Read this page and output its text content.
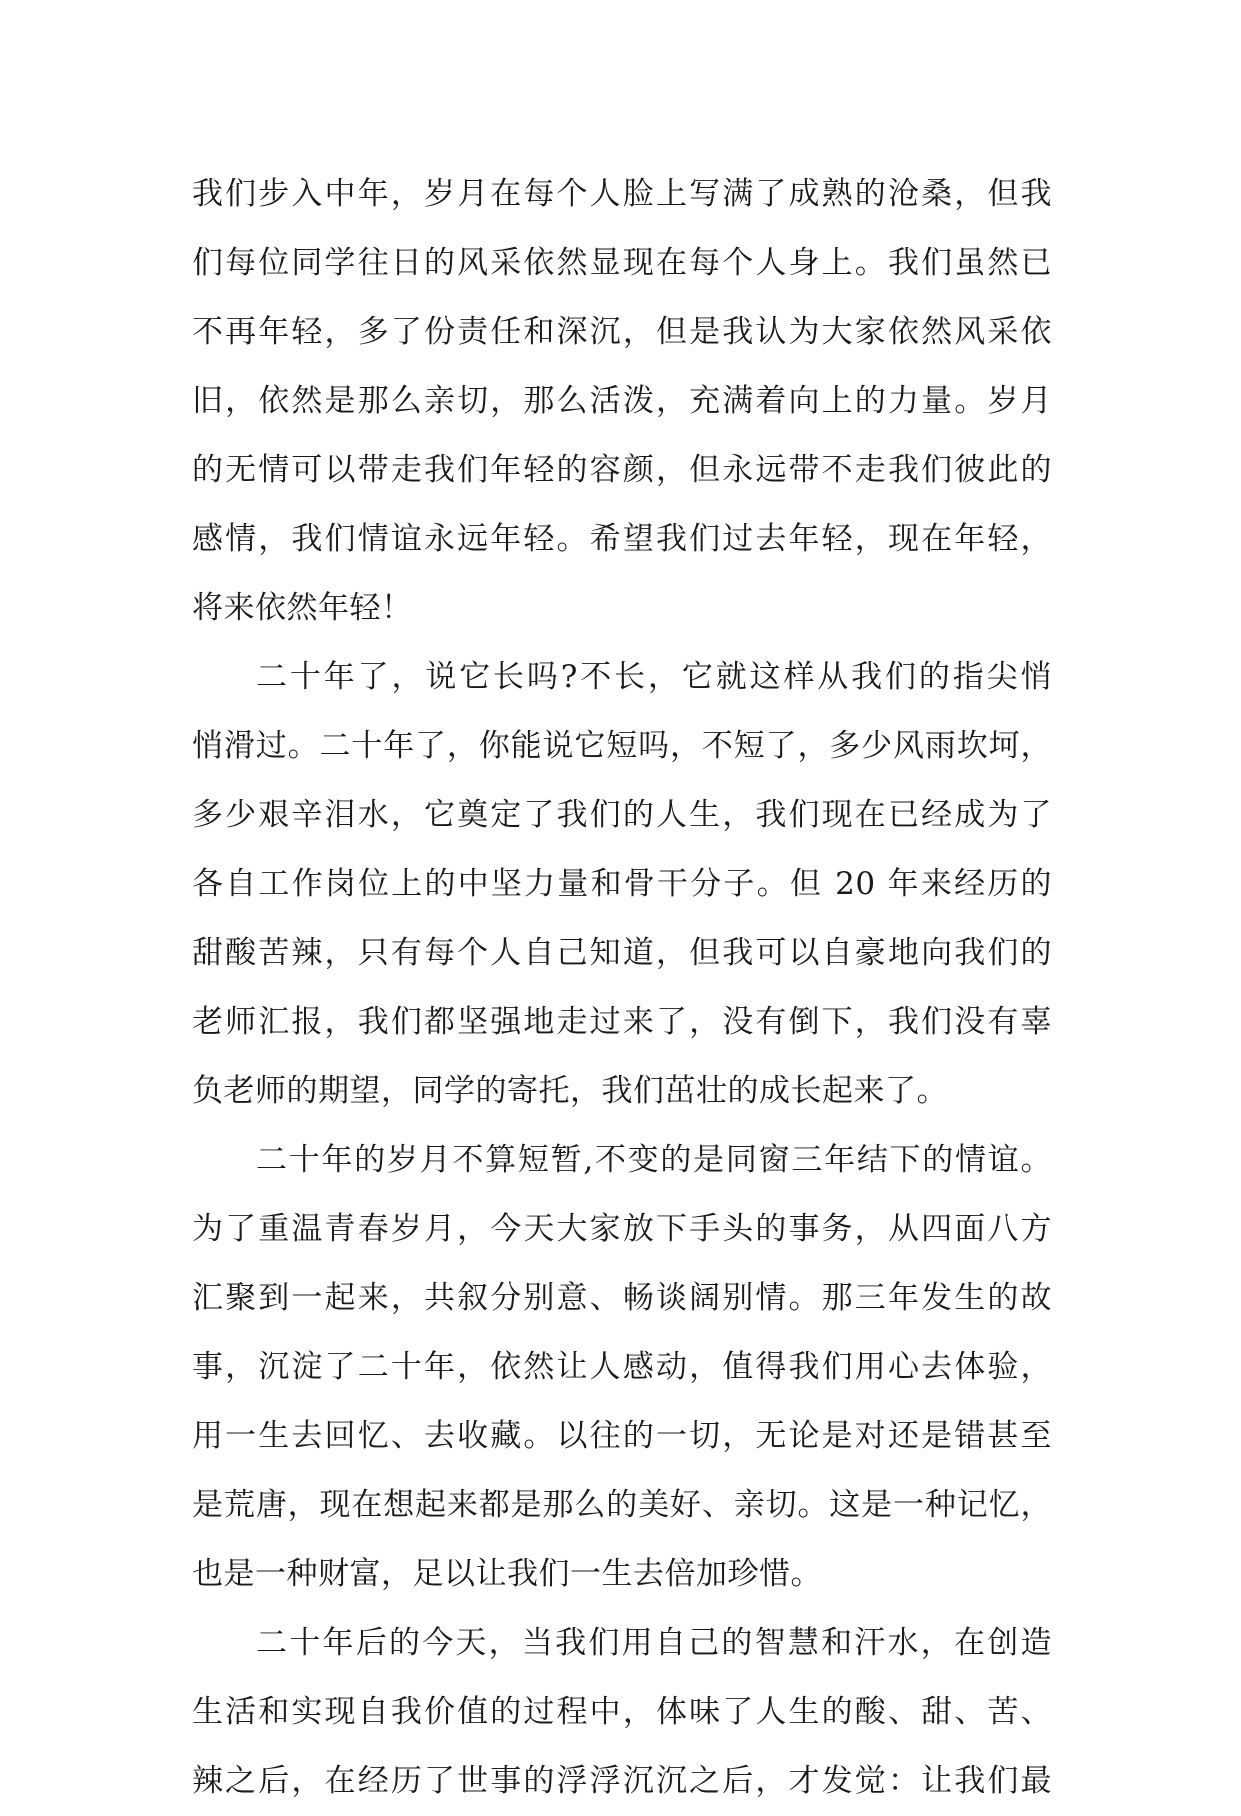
我们步入中年，岁月在每个人脸上写满了成熟的沧桑，但我
们每位同学往日的风采依然显现在每个人身上。我们虽然已
不再年轻，多了份责任和深沉，但是我认为大家依然风采依
旧，依然是那么亲切，那么活泼，充满着向上的力量。岁月
的无情可以带走我们年轻的容颜，但永远带不走我们彼此的
感情，我们情谊永远年轻。希望我们过去年轻，现在年轻，
将来依然年轻！
二十年了，说它长吗?不长，它就这样从我们的指尖悄
悄滑过。二十年了，你能说它短吗，不短了，多少风雨坎坷，
多少艰辛泪水，它奠定了我们的人生，我们现在已经成为了
各自工作岗位上的中坚力量和骨干分子。但 20 年来经历的
甜酸苦辣，只有每个人自己知道，但我可以自豪地向我们的
老师汇报，我们都坚强地走过来了，没有倒下，我们没有辜
负老师的期望，同学的寄托，我们茁壮的成长起来了。
二十年的岁月不算短暂,不变的是同窗三年结下的情谊。
为了重温青春岁月，今天大家放下手头的事务，从四面八方
汇聚到一起来，共叙分别意、畅谈阔别情。那三年发生的故
事，沉淀了二十年，依然让人感动，值得我们用心去体验，
用一生去回忆、去收藏。以往的一切，无论是对还是错甚至
是荒唐，现在想起来都是那么的美好、亲切。这是一种记忆，
也是一种财富，足以让我们一生去倍加珍惜。
二十年后的今天，当我们用自己的智慧和汗水，在创造
生活和实现自我价值的过程中，体味了人生的酸、甜、苦、
辣之后，在经历了世事的浮浮沉沉之后，才发觉：让我们最
